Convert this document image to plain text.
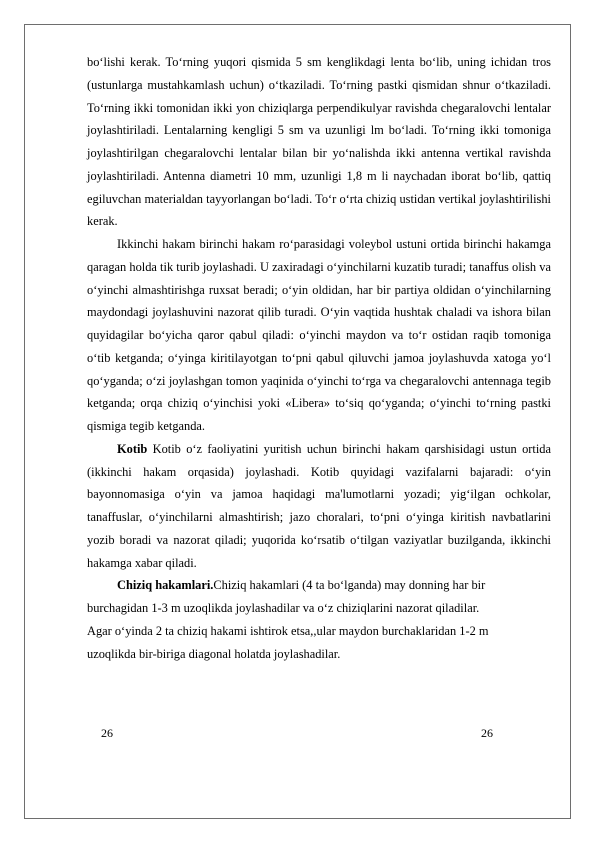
bo‘lishi kerak. To‘rning yuqori qismida 5 sm kenglikdagi lenta bo‘lib, uning ichidan tros (ustunlarga mustahkamlash uchun) o‘tkaziladi. To‘rning pastki qismidan shnur o‘tkaziladi. To‘rning ikki tomonidan ikki yon chiziqlarga perpendikulyar ravishda chegaralovchi lentalar joylashtiriladi. Lentalarning kengligi 5 sm va uzunligi lm bo‘ladi. To‘rning ikki tomoniga joylashtirilgan chegaralovchi lentalar bilan bir yo‘nalishda ikki antenna vertikal ravishda joylashtiriladi. Antenna diametri 10 mm, uzunligi 1,8 m li naychadan iborat bo‘lib, qattiq egiluvchan materialdan tayyorlangan bo‘ladi. To‘r o‘rta chiziq ustidan vertikal joylashtirilishi kerak.

Ikkinchi hakam birinchi hakam ro‘parasidagi voleybol ustuni ortida birinchi hakamga qaragan holda tik turib joylashadi. U zaxiradagi o‘yinchilarni kuzatib turadi; tanaffus olish va o‘yinchi almashtirishga ruxsat beradi; o‘yin oldidan, har bir partiya oldidan o‘yinchilarning maydondagi joylashuvini nazorat qilib turadi. O‘yin vaqtida hushtak chaladi va ishora bilan quyidagilar bo‘yicha qaror qabul qiladi: o‘yinchi maydon va to‘r ostidan raqib tomoniga o‘tib ketganda; o‘yinga kiritilayotgan to‘pni qabul qiluvchi jamoa joylashuvda xatoga yo‘l qo‘yganda; o‘zi joylashgan tomon yaqinida o‘yinchi to‘rga va chegaralovchi antennaga tegib ketganda; orqa chiziq o‘yinchisi yoki «Libera» to‘siq qo‘yganda; o‘yinchi to‘rning pastki qismiga tegib ketganda.

Kotib Kotib o‘z faoliyatini yuritish uchun birinchi hakam qarshisidagi ustun ortida (ikkinchi hakam orqasida) joylashadi. Kotib quyidagi vazifalarni bajaradi: o‘yin bayonnomasiga o‘yin va jamoa haqidagi ma'lumotlarni yozadi; yig‘ilgan ochkolar, tanaffuslar, o‘yinchilarni almashtirish; jazo choralari, to‘pni o‘yinga kiritish navbatlarini yozib boradi va nazorat qiladi; yuqorida ko‘rsatib o‘tilgan vaziyatlar buzilganda, ikkinchi hakamga xabar qiladi.

Chiziq hakamlari.Chiziq hakamlari (4 ta bo‘lganda) may donning har bir
burchagidan 1-3 m uzoqlikda joylashadilar va o‘z chiziqlarini nazorat qiladilar.
Agar o‘yinda 2 ta chiziq hakami ishtirok etsa,,ular maydon burchaklaridan 1-2 m
uzoqlikda bir-biriga diagonal holatda joylashadilar.
26	26
